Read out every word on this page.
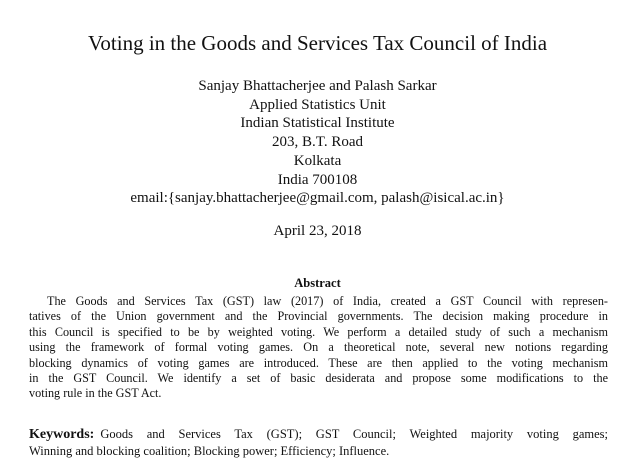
Voting in the Goods and Services Tax Council of India
Sanjay Bhattacherjee and Palash Sarkar
Applied Statistics Unit
Indian Statistical Institute
203, B.T. Road
Kolkata
India 700108
email:{sanjay.bhattacherjee@gmail.com, palash@isical.ac.in}
April 23, 2018
Abstract
The Goods and Services Tax (GST) law (2017) of India, created a GST Council with represen-
tatives of the Union government and the Provincial governments. The decision making procedure in
this Council is specified to be by weighted voting. We perform a detailed study of such a mechanism
using the framework of formal voting games. On a theoretical note, several new notions regarding
blocking dynamics of voting games are introduced. These are then applied to the voting mechanism
in the GST Council. We identify a set of basic desiderata and propose some modifications to the
voting rule in the GST Act.
Keywords: Goods and Services Tax (GST); GST Council; Weighted majority voting games;
Winning and blocking coalition; Blocking power; Efficiency; Influence.
